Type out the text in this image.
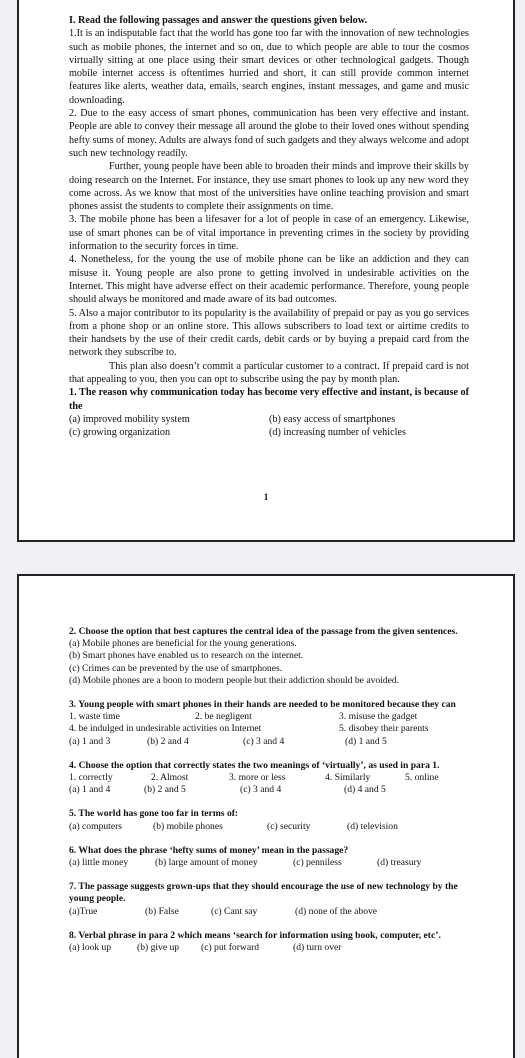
I. Read the following passages and answer the questions given below.

1.It is an indisputable fact that the world has gone too far with the innovation of new technologies such as mobile phones, the internet and so on, due to which people are able to tour the cosmos virtually sitting at one place using their smart devices or other technological gadgets. Though mobile internet access is oftentimes hurried and short, it can still provide common internet features like alerts, weather data, emails, search engines, instant messages, and game and music downloading.

2. Due to the easy access of smart phones, communication has been very effective and instant. People are able to convey their message all around the globe to their loved ones without spending hefty sums of money. Adults are always fond of such gadgets and they always welcome and adopt such new technology readily.

Further, young people have been able to broaden their minds and improve their skills by doing research on the Internet. For instance, they use smart phones to look up any new word they come across. As we know that most of the universities have online teaching provision and smart phones assist the students to complete their assignments on time.

3. The mobile phone has been a lifesaver for a lot of people in case of an emergency. Likewise, use of smart phones can be of vital importance in preventing crimes in the society by providing information to the security forces in time.

4. Nonetheless, for the young the use of mobile phone can be like an addiction and they can misuse it. Young people are also prone to getting involved in undesirable activities on the Internet. This might have adverse effect on their academic performance. Therefore, young people should always be monitored and made aware of its bad outcomes.

5. Also a major contributor to its popularity is the availability of prepaid or pay as you go services from a phone shop or an online store. This allows subscribers to load text or airtime credits to their handsets by the use of their credit cards, debit cards or by buying a prepaid card from the network they subscribe to.

This plan also doesn’t commit a particular customer to a contract. If prepaid card is not that appealing to you, then you can opt to subscribe using the pay by month plan.

1. The reason why communication today has become very effective and instant, is because of the

(a) improved mobility system	(b) easy access of smartphones
(c) growing organization	(d) increasing number of vehicles
1

2. Choose the option that best captures the central idea of the passage from the given sentences.

(a) Mobile phones are beneficial for the young generations.
(b) Smart phones have enabled us to research on the internet.
(c) Crimes can be prevented by the use of smartphones.
(d) Mobile phones are a boon to modern people but their addiction should be avoided.

3. Young people with smart phones in their hands are needed to be monitored because they can

1. waste time	2. be negligent	3. misuse the gadget
4. be indulged in undesirable activities on Internet	5. disobey their parents
(a) 1 and 3	(b) 2 and 4	(c) 3 and 4	(d) 1 and 5

4. Choose the option that correctly states the two meanings of ‘virtually’, as used in para 1.

1. correctly	2. Almost	3. more or less	4. Similarly	5. online
(a) 1 and 4	(b) 2 and 5	(c) 3 and 4	(d) 4 and 5

5. The world has gone too far in terms of:

(a) computers	(b) mobile phones	(c) security	(d) television

6. What does the phrase ‘hefty sums of money’ mean in the passage?

(a) little money	(b) large amount of money	(c) penniless	(d) treasury

7. The passage suggests grown-ups that they should encourage the use of new technology by the young people.

(a)True	(b) False	(c) Cant say	(d) none of the above

8. Verbal phrase in para 2 which means ‘search for information using book, computer, etc’.

(a) look up	(b) give up	(c) put forward	(d) turn over
